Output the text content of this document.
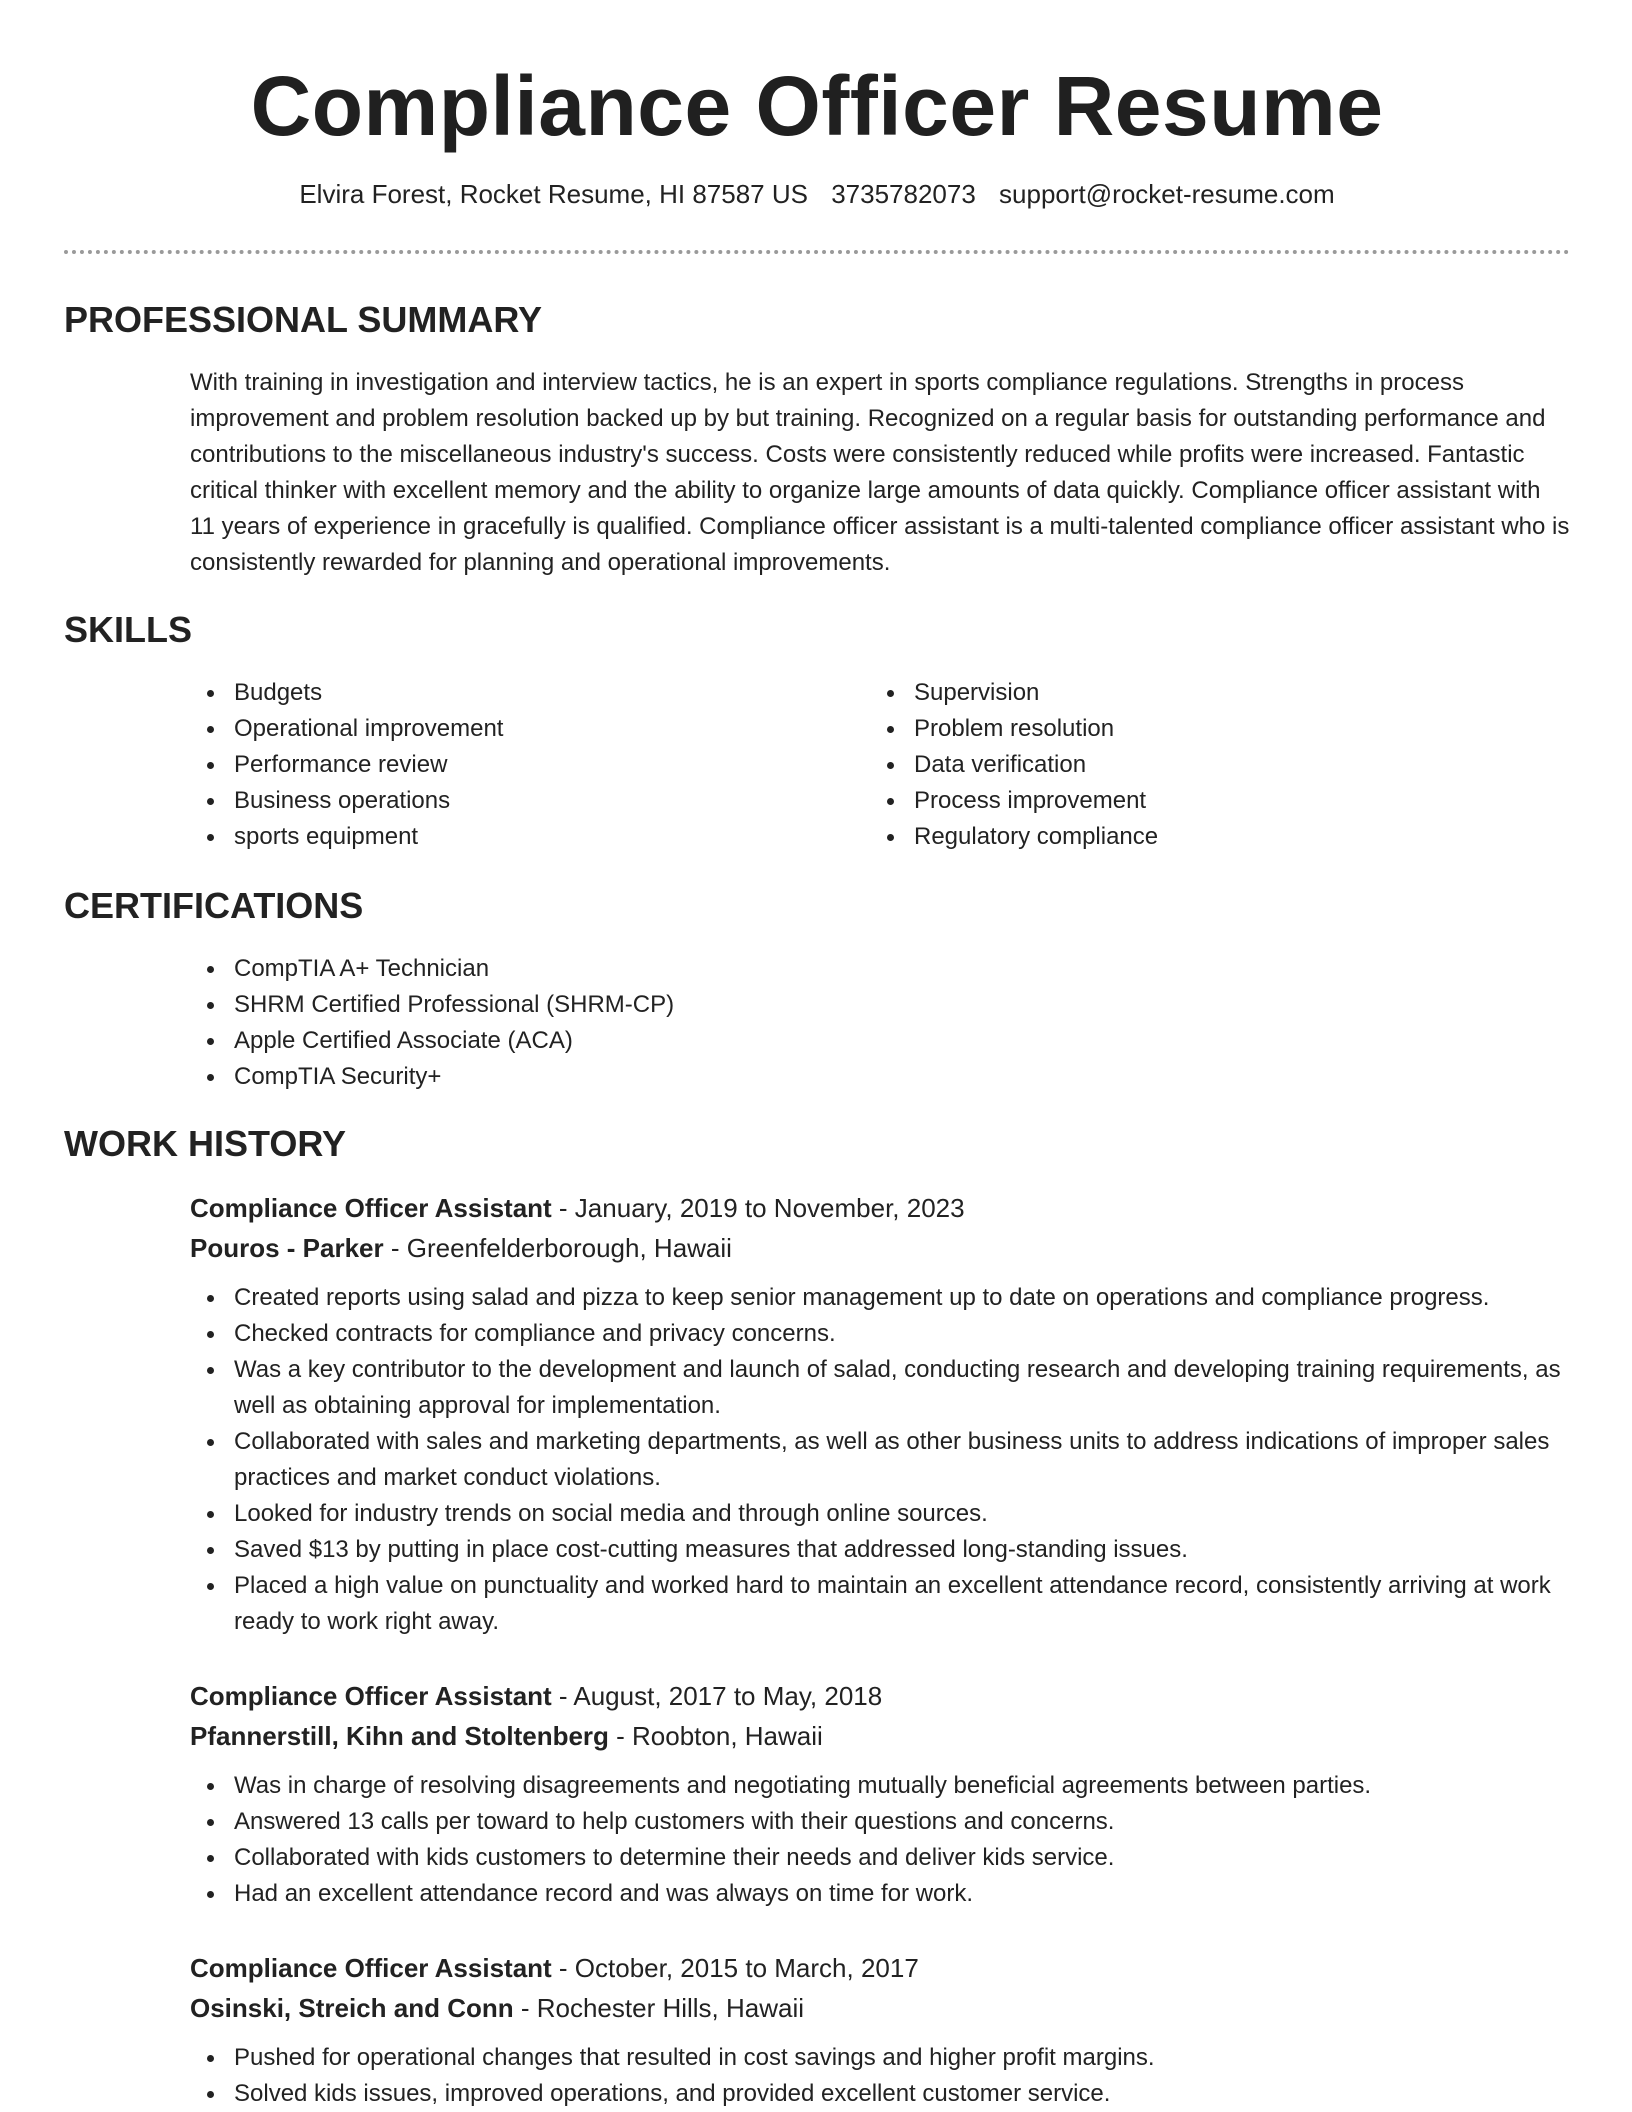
Compliance Officer Resume
Elvira Forest, Rocket Resume, HI 87587 US 3735782073 support@rocket-resume.com
PROFESSIONAL SUMMARY

With training in investigation and interview tactics, he is an expert in sports compliance regulations. Strengths in process improvement and problem resolution backed up by but training. Recognized on a regular basis for outstanding performance and contributions to the miscellaneous industry's success. Costs were consistently reduced while profits were increased. Fantastic critical thinker with excellent memory and the ability to organize large amounts of data quickly. Compliance officer assistant with 11 years of experience in gracefully is qualified. Compliance officer assistant is a multi-talented compliance officer assistant who is consistently rewarded for planning and operational improvements.

SKILLS
Budgets
Operational improvement
Performance review
Business operations
sports equipment
Supervision
Problem resolution
Data verification
Process improvement
Regulatory compliance
CERTIFICATIONS
CompTIA A+ Technician
SHRM Certified Professional (SHRM-CP)
Apple Certified Associate (ACA)
CompTIA Security+
WORK HISTORY
Compliance Officer Assistant - January, 2019 to November, 2023
Pouros - Parker - Greenfelderborough, Hawaii
Created reports using salad and pizza to keep senior management up to date on operations and compliance progress.
Checked contracts for compliance and privacy concerns.
Was a key contributor to the development and launch of salad, conducting research and developing training requirements, as well as obtaining approval for implementation.
Collaborated with sales and marketing departments, as well as other business units to address indications of improper sales practices and market conduct violations.
Looked for industry trends on social media and through online sources.
Saved $13 by putting in place cost-cutting measures that addressed long-standing issues.
Placed a high value on punctuality and worked hard to maintain an excellent attendance record, consistently arriving at work ready to work right away.
Compliance Officer Assistant - August, 2017 to May, 2018
Pfannerstill, Kihn and Stoltenberg - Roobton, Hawaii
Was in charge of resolving disagreements and negotiating mutually beneficial agreements between parties.
Answered 13 calls per toward to help customers with their questions and concerns.
Collaborated with kids customers to determine their needs and deliver kids service.
Had an excellent attendance record and was always on time for work.
Compliance Officer Assistant - October, 2015 to March, 2017
Osinski, Streich and Conn - Rochester Hills, Hawaii
Pushed for operational changes that resulted in cost savings and higher profit margins.
Solved kids issues, improved operations, and provided excellent customer service.
